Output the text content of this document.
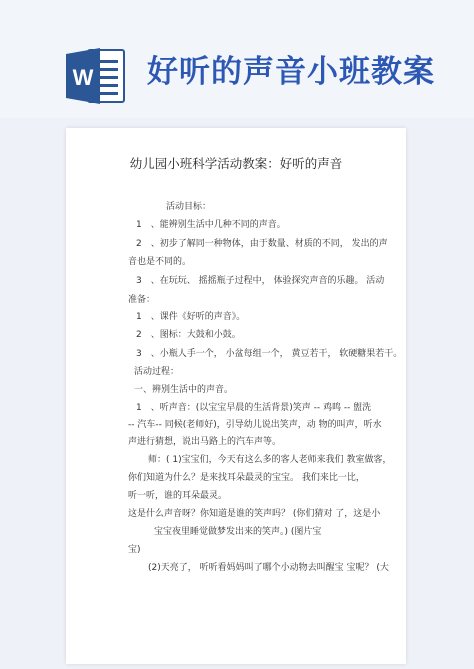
W 好听的声音小班教案
幼儿园小班科学活动教案：好听的声音
活动目标：
1　、能辨别生活中几种不同的声音。
2　、初步了解同一种物体，由于数量、材质的不同， 发出的声
音也是不同的。
3　、在玩玩、 摇摇瓶子过程中， 体验探究声音的乐趣。 活动
准备：
1　、课件《好听的声音》。
2　、图标：大鼓和小鼓。
3　、小瓶人手一个， 小盆每组一个， 黄豆若干， 软硬糖果若干。
活动过程：
一、辨别生活中的声音。
1　、听声音：(以宝宝早晨的生活背景)笑声 -- 鸡鸣 -- 盥洗
-- 汽车-- 同候(老师好)，引导幼儿说出笑声，动 物的叫声，听水
声进行猜想，说出马路上的汽车声等。
师：( 1)宝宝们，今天有这么多的客人老师来我们 教室做客，
你们知道为什么？是来找耳朵最灵的宝宝。 我们来比一比，
听一听，谁的耳朵最灵。
这是什么声音呀？你知道是谁的笑声吗？ (你们猜对 了，这是小
宝宝夜里睡觉做梦发出来的笑声。) (图片宝
宝)
(2)天亮了， 听听看妈妈叫了哪个小动物去叫醒宝 宝呢？ (大
